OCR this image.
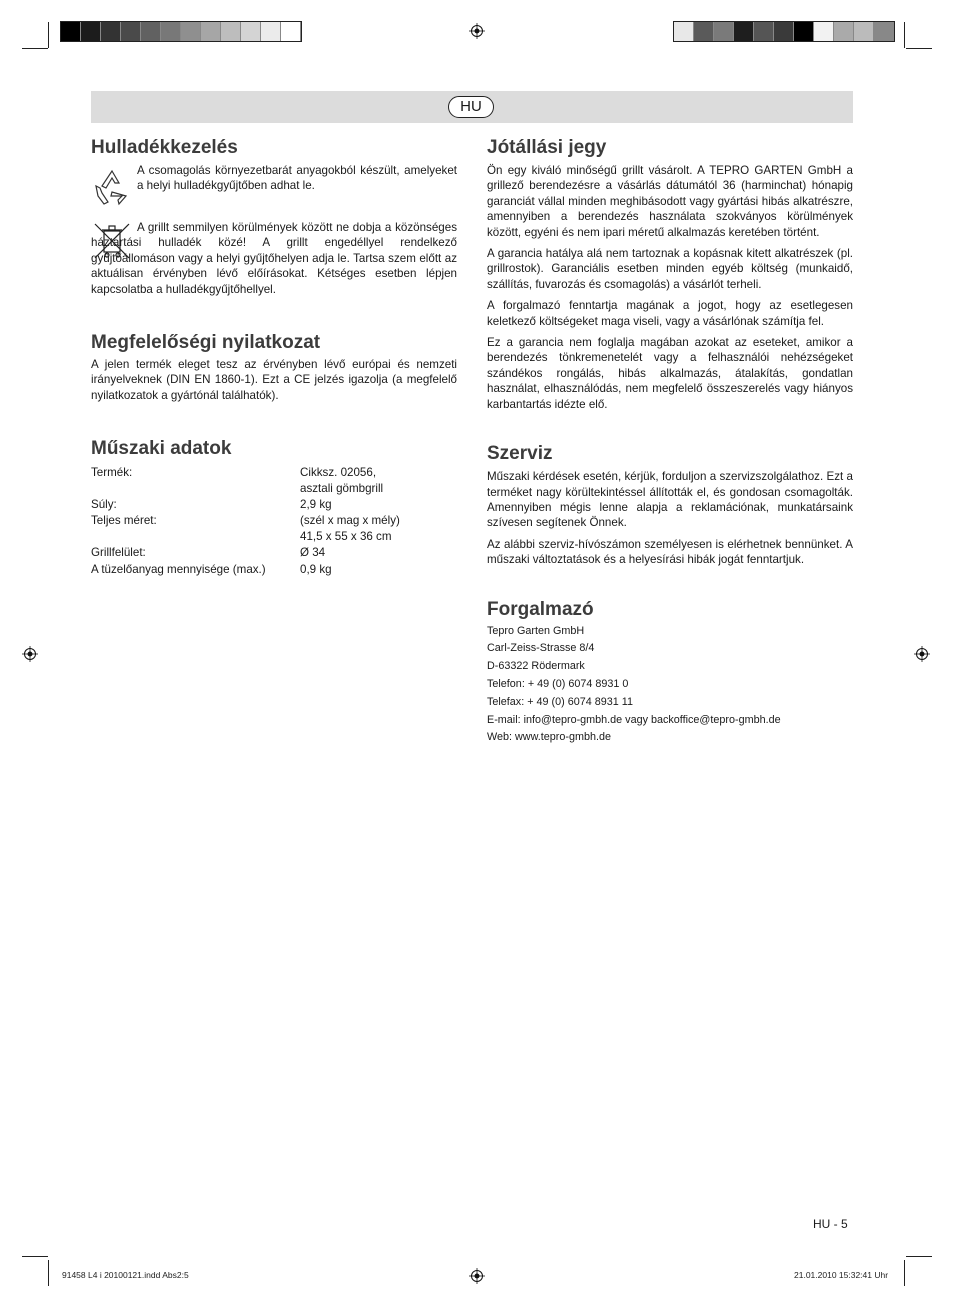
HU
Hulladékkezelés

A csomagolás környezetbarát anyagokból készült, amelyeket a helyi hulladékgyűjtőben adhat le.

A grillt semmilyen körülmények között ne dobja a közönséges háztartási hulladék közé! A grillt engedéllyel rendelkező gyűjtőállomáson vagy a helyi gyűjtőhelyen adja le. Tartsa szem előtt az aktuálisan érvényben lévő előírásokat. Kétséges esetben lépjen kapcsolatba a hulladékgyűjtőhellyel.

Megfelelőségi nyilatkozat

A jelen termék eleget tesz az érvényben lévő európai és nemzeti irányelveknek (DIN EN 1860-1). Ezt a CE jelzés igazolja (a megfelelő nyilatkozatok a gyártónál találhatók).

Műszaki adatok
Termék:	Cikksz. 02056,
asztali gömbgrill
Súly:	2,9 kg
Teljes méret:	(szél x mag x mély)
41,5 x 55 x 36 cm
Grillfelület:	Ø 34
A tüzelőanyag mennyisége (max.)	0,9 kg
Jótállási jegy

Ön egy kiváló minőségű grillt vásárolt. A TEPRO GARTEN GmbH a grillező berendezésre a vásárlás dátumától 36 (harminchat) hónapig garanciát vállal minden meghibásodott vagy gyártási hibás alkatrészre, amennyiben a berendezés használata szokványos körülmények között, egyéni és nem ipari méretű alkalmazás keretében történt.

A garancia hatálya alá nem tartoznak a kopásnak kitett alkatrészek (pl. grillrostok). Garanciális esetben minden egyéb költség (munkaidő, szállítás, fuvarozás és csomagolás) a vásárlót terheli.

A forgalmazó fenntartja magának a jogot, hogy az esetlegesen keletkező költségeket maga viseli, vagy a vásárlónak számítja fel.

Ez a garancia nem foglalja magában azokat az eseteket, amikor a berendezés tönkremenetelét vagy a felhasználói nehézségeket szándékos rongálás, hibás alkalmazás, átalakítás, gondatlan használat, elhasználódás, nem megfelelő összeszerelés vagy hiányos karbantartás idézte elő.

Szerviz

Műszaki kérdések esetén, kérjük, forduljon a szervizszolgálathoz. Ezt a terméket nagy körültekintéssel állították el, és gondosan csomagolták. Amennyiben mégis lenne alapja a reklamációnak, munkatársaink szívesen segítenek Önnek.

Az alábbi szerviz-hívószámon személyesen is elérhetnek bennünket. A műszaki változtatások és a helyesírási hibák jogát fenntartjuk.

Forgalmazó

Tepro Garten GmbH

Carl-Zeiss-Strasse 8/4

D-63322 Rödermark

Telefon: + 49 (0) 6074 8931 0

Telefax: + 49 (0) 6074 8931 11

E-mail: info@tepro-gmbh.de vagy backoffice@tepro-gmbh.de

Web: www.tepro-gmbh.de

HU - 5
91458 L4 i 20100121.indd Abs2:5	21.01.2010 15:32:41 Uhr
